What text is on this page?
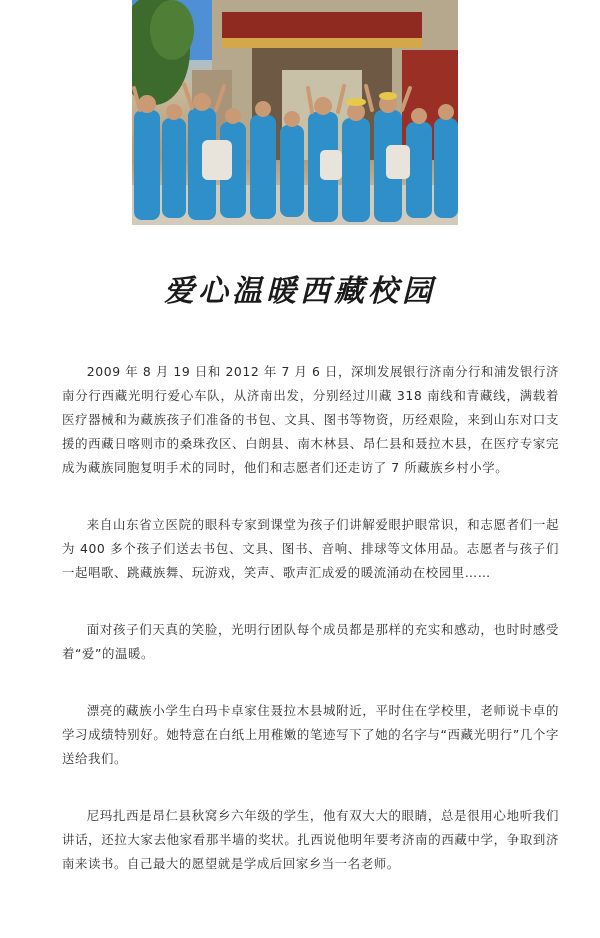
爱心温暖西藏校园

2009 年 8 月 19 日和 2012 年 7 月 6 日，深圳发展银行济南分行和浦发银行济南分行西藏光明行爱心车队，从济南出发，分别经过川藏 318 南线和青藏线，满载着医疗器械和为藏族孩子们准备的书包、文具、图书等物资，历经艰险，来到山东对口支援的西藏日喀则市的桑珠孜区、白朗县、南木林县、昂仁县和聂拉木县，在医疗专家完成为藏族同胞复明手术的同时，他们和志愿者们还走访了 7 所藏族乡村小学。

来自山东省立医院的眼科专家到课堂为孩子们讲解爱眼护眼常识，和志愿者们一起为 400 多个孩子们送去书包、文具、图书、音响、排球等文体用品。志愿者与孩子们一起唱歌、跳藏族舞、玩游戏，笑声、歌声汇成爱的暖流涌动在校园里……

面对孩子们天真的笑脸，光明行团队每个成员都是那样的充实和感动，也时时感受着“爱”的温暖。

漂亮的藏族小学生白玛卡卓家住聂拉木县城附近，平时住在学校里，老师说卡卓的学习成绩特别好。她特意在白纸上用稚嫩的笔迹写下了她的名字与“西藏光明行”几个字送给我们。

尼玛扎西是昂仁县秋窝乡六年级的学生，他有双大大的眼睛，总是很用心地听我们讲话，还拉大家去他家看那半墙的奖状。扎西说他明年要考济南的西藏中学，争取到济南来读书。自己最大的愿望就是学成后回家乡当一名老师。
